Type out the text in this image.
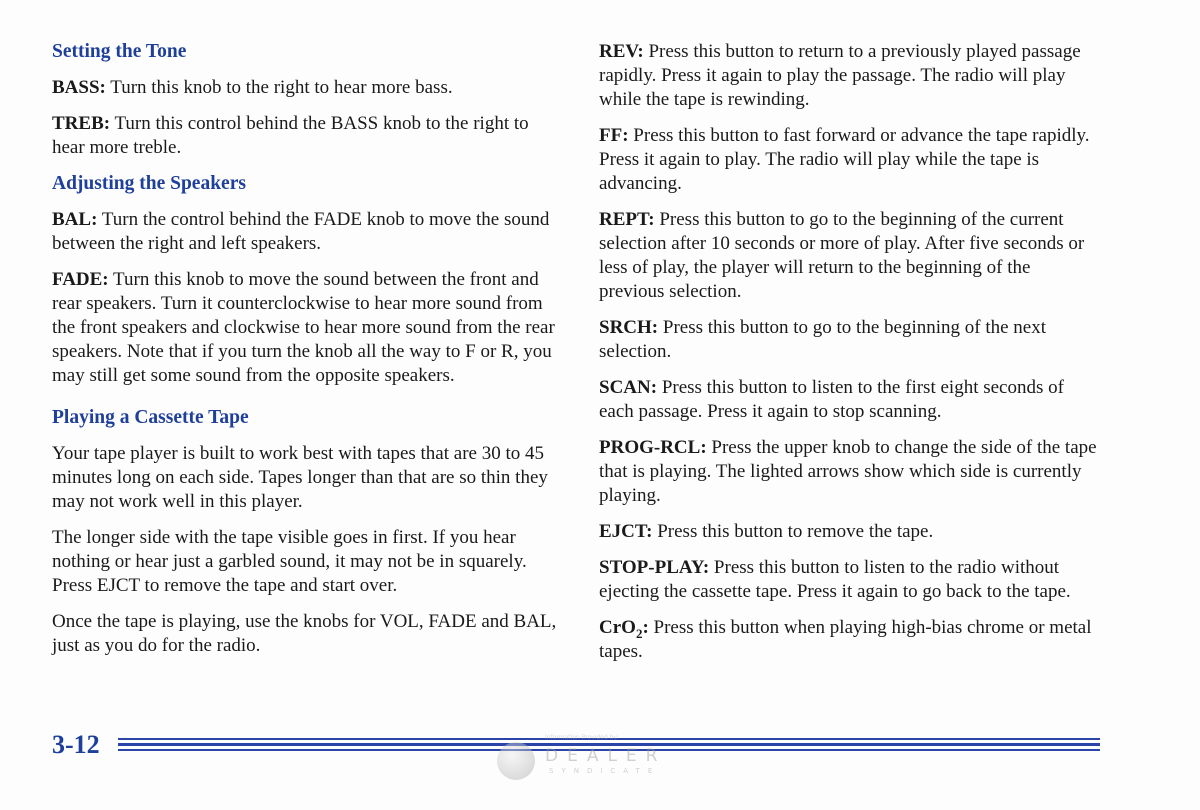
Setting the Tone

BASS: Turn this knob to the right to hear more bass.

TREB: Turn this control behind the BASS knob to the right to hear more treble.

Adjusting the Speakers

BAL: Turn the control behind the FADE knob to move the sound between the right and left speakers.

FADE: Turn this knob to move the sound between the front and rear speakers. Turn it counterclockwise to hear more sound from the front speakers and clockwise to hear more sound from the rear speakers. Note that if you turn the knob all the way to F or R, you may still get some sound from the opposite speakers.

Playing a Cassette Tape

Your tape player is built to work best with tapes that are 30 to 45 minutes long on each side. Tapes longer than that are so thin they may not work well in this player.

The longer side with the tape visible goes in first. If you hear nothing or hear just a garbled sound, it may not be in squarely. Press EJCT to remove the tape and start over.

Once the tape is playing, use the knobs for VOL, FADE and BAL, just as you do for the radio.

REV: Press this button to return to a previously played passage rapidly. Press it again to play the passage. The radio will play while the tape is rewinding.

FF: Press this button to fast forward or advance the tape rapidly. Press it again to play. The radio will play while the tape is advancing.

REPT: Press this button to go to the beginning of the current selection after 10 seconds or more of play. After five seconds or less of play, the player will return to the beginning of the previous selection.

SRCH: Press this button to go to the beginning of the next selection.

SCAN: Press this button to listen to the first eight seconds of each passage. Press it again to stop scanning.

PROG-RCL: Press the upper knob to change the side of the tape that is playing. The lighted arrows show which side is currently playing.

EJCT: Press this button to remove the tape.

STOP-PLAY: Press this button to listen to the radio without ejecting the cassette tape. Press it again to go back to the tape.

CrO$_2$: Press this button when playing high-bias chrome or metal tapes.

3-12	Information Provided by:
DEALER
SYNDICATE
